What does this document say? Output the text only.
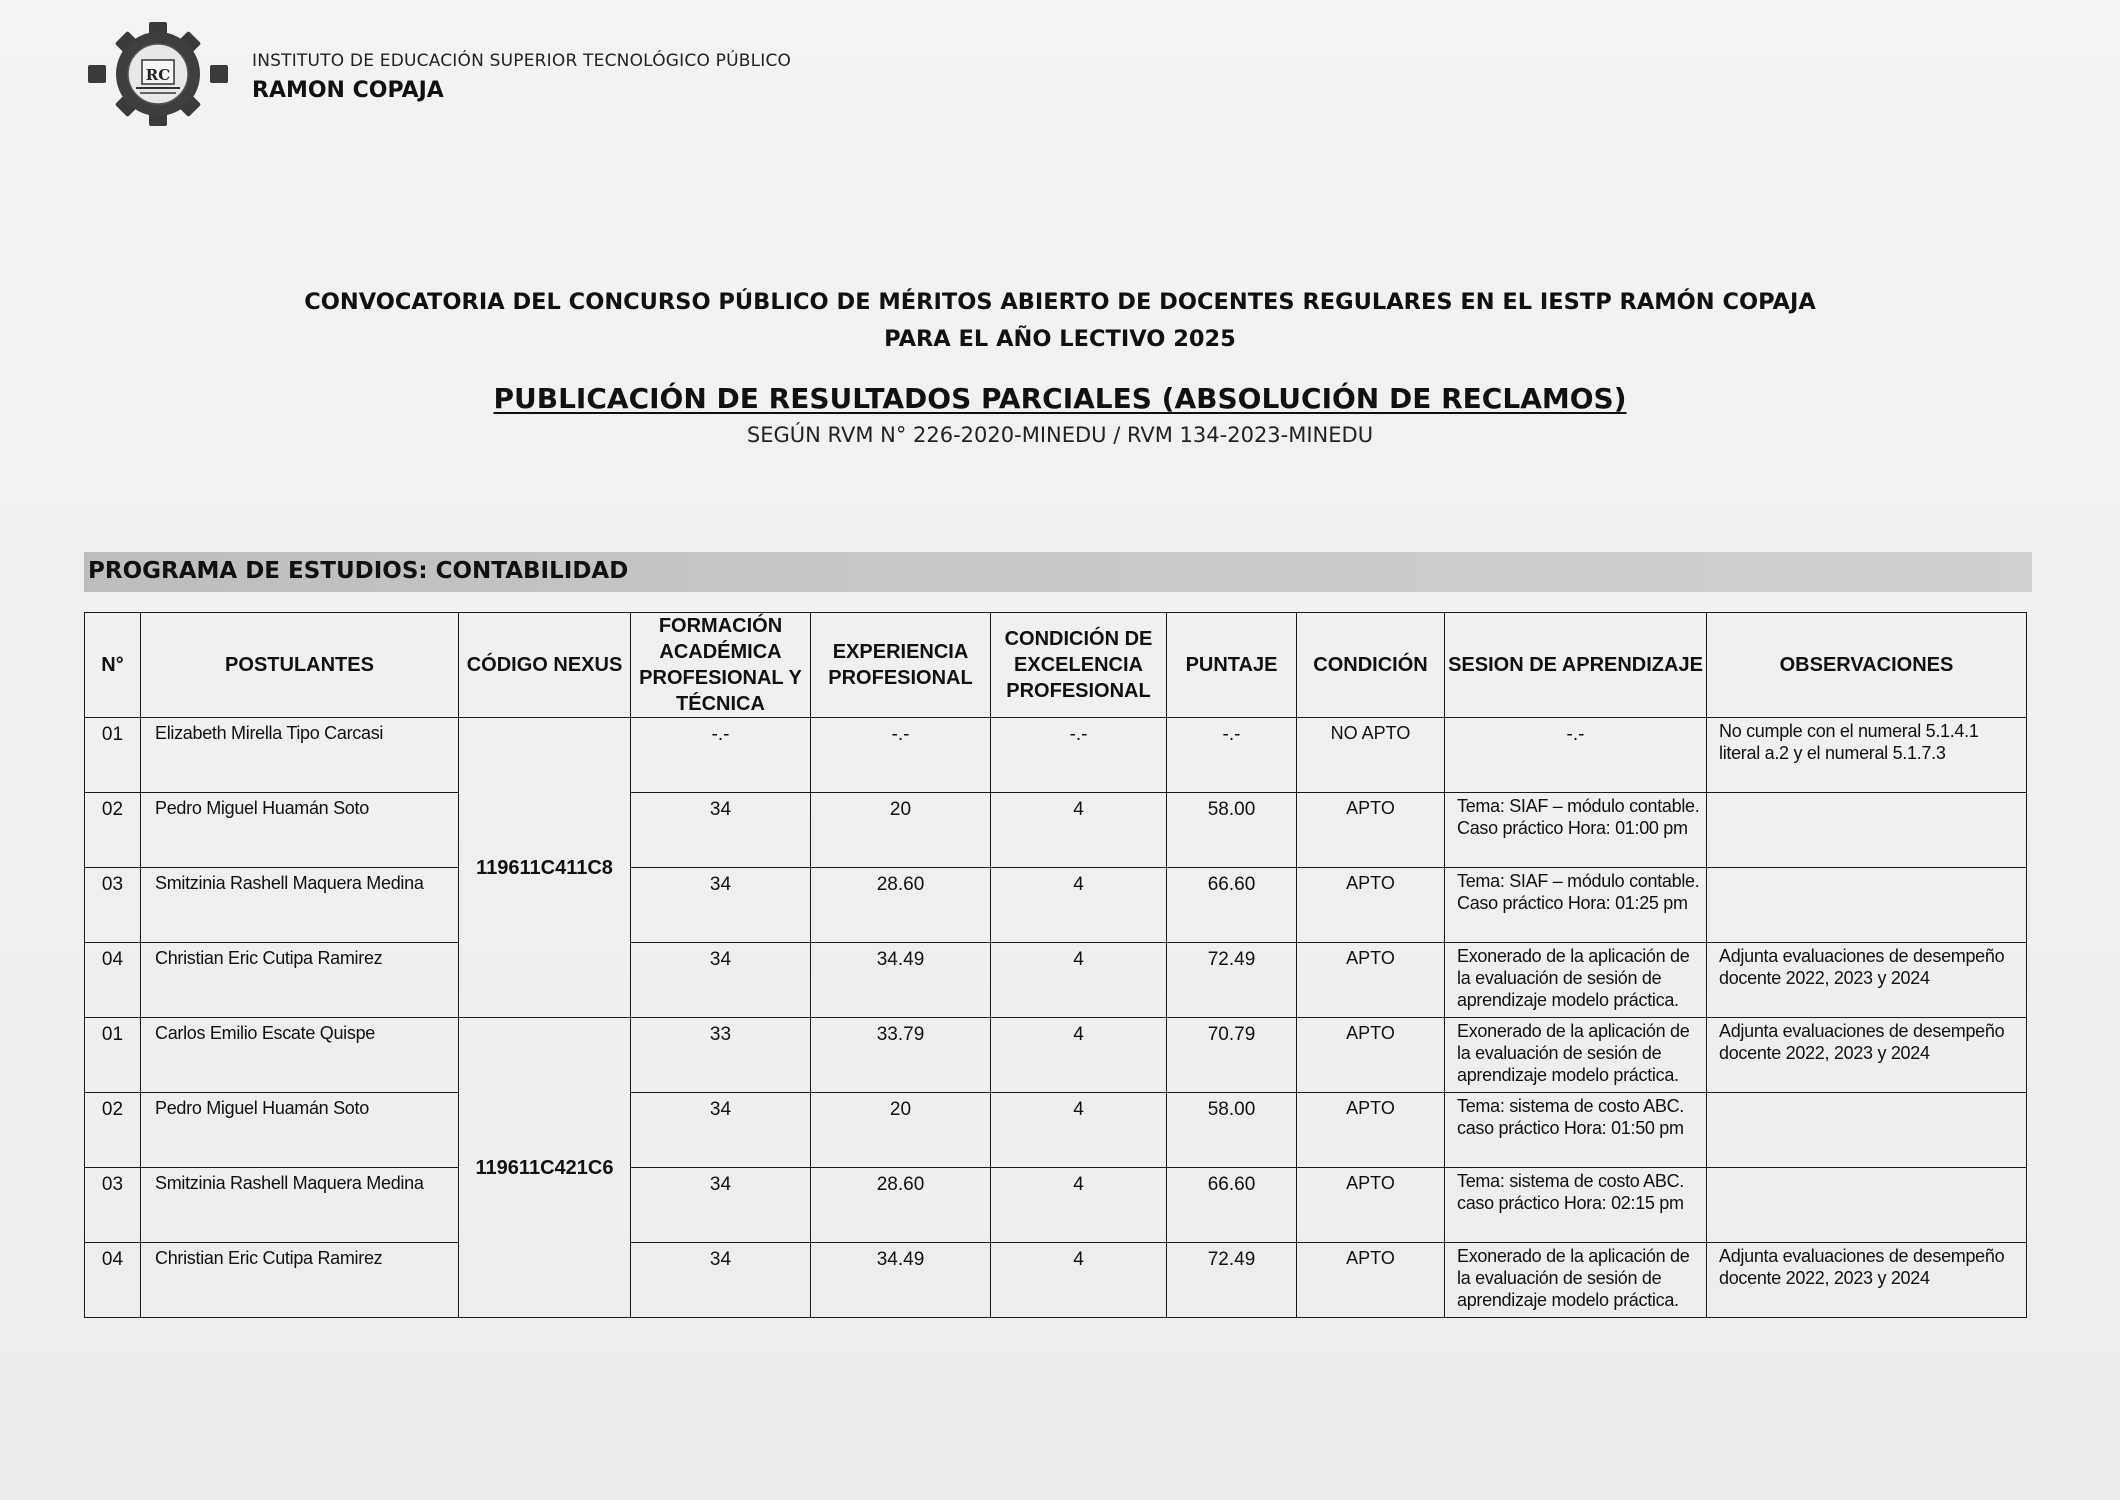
RC
INSTITUTO DE EDUCACIÓN SUPERIOR TECNOLÓGICO PÚBLICO
RAMON COPAJA
CONVOCATORIA DEL CONCURSO PÚBLICO DE MÉRITOS ABIERTO DE DOCENTES REGULARES EN EL IESTP RAMÓN COPAJA
PARA EL AÑO LECTIVO 2025
PUBLICACIÓN DE RESULTADOS PARCIALES (ABSOLUCIÓN DE RECLAMOS)
SEGÚN RVM N° 226-2020-MINEDU / RVM 134-2023-MINEDU
PROGRAMA DE ESTUDIOS: CONTABILIDAD
N°	POSTULANTES	CÓDIGO NEXUS	FORMACIÓN ACADÉMICA PROFESIONAL Y TÉCNICA	EXPERIENCIA PROFESIONAL	CONDICIÓN DE EXCELENCIA PROFESIONAL	PUNTAJE	CONDICIÓN	SESION DE APRENDIZAJE	OBSERVACIONES
01	Elizabeth Mirella Tipo Carcasi	119611C411C8	-.-	-.-	-.-	-.-	NO APTO	-.-	No cumple con el numeral 5.1.4.1 literal a.2 y el numeral 5.1.7.3
02	Pedro Miguel Huamán Soto		34	20	4	58.00	APTO	Tema: SIAF – módulo contable. Caso práctico Hora: 01:00 pm	
03	Smitzinia Rashell Maquera Medina		34	28.60	4	66.60	APTO	Tema: SIAF – módulo contable. Caso práctico Hora: 01:25 pm	
04	Christian Eric Cutipa Ramirez		34	34.49	4	72.49	APTO	Exonerado de la aplicación de la evaluación de sesión de aprendizaje modelo práctica.	Adjunta evaluaciones de desempeño docente 2022, 2023 y 2024
01	Carlos Emilio Escate Quispe	119611C421C6	33	33.79	4	70.79	APTO	Exonerado de la aplicación de la evaluación de sesión de aprendizaje modelo práctica.	Adjunta evaluaciones de desempeño docente 2022, 2023 y 2024
02	Pedro Miguel Huamán Soto		34	20	4	58.00	APTO	Tema: sistema de costo ABC. caso práctico Hora: 01:50 pm	
03	Smitzinia Rashell Maquera Medina		34	28.60	4	66.60	APTO	Tema: sistema de costo ABC. caso práctico Hora: 02:15 pm	
04	Christian Eric Cutipa Ramirez		34	34.49	4	72.49	APTO	Exonerado de la aplicación de la evaluación de sesión de aprendizaje modelo práctica.	Adjunta evaluaciones de desempeño docente 2022, 2023 y 2024
